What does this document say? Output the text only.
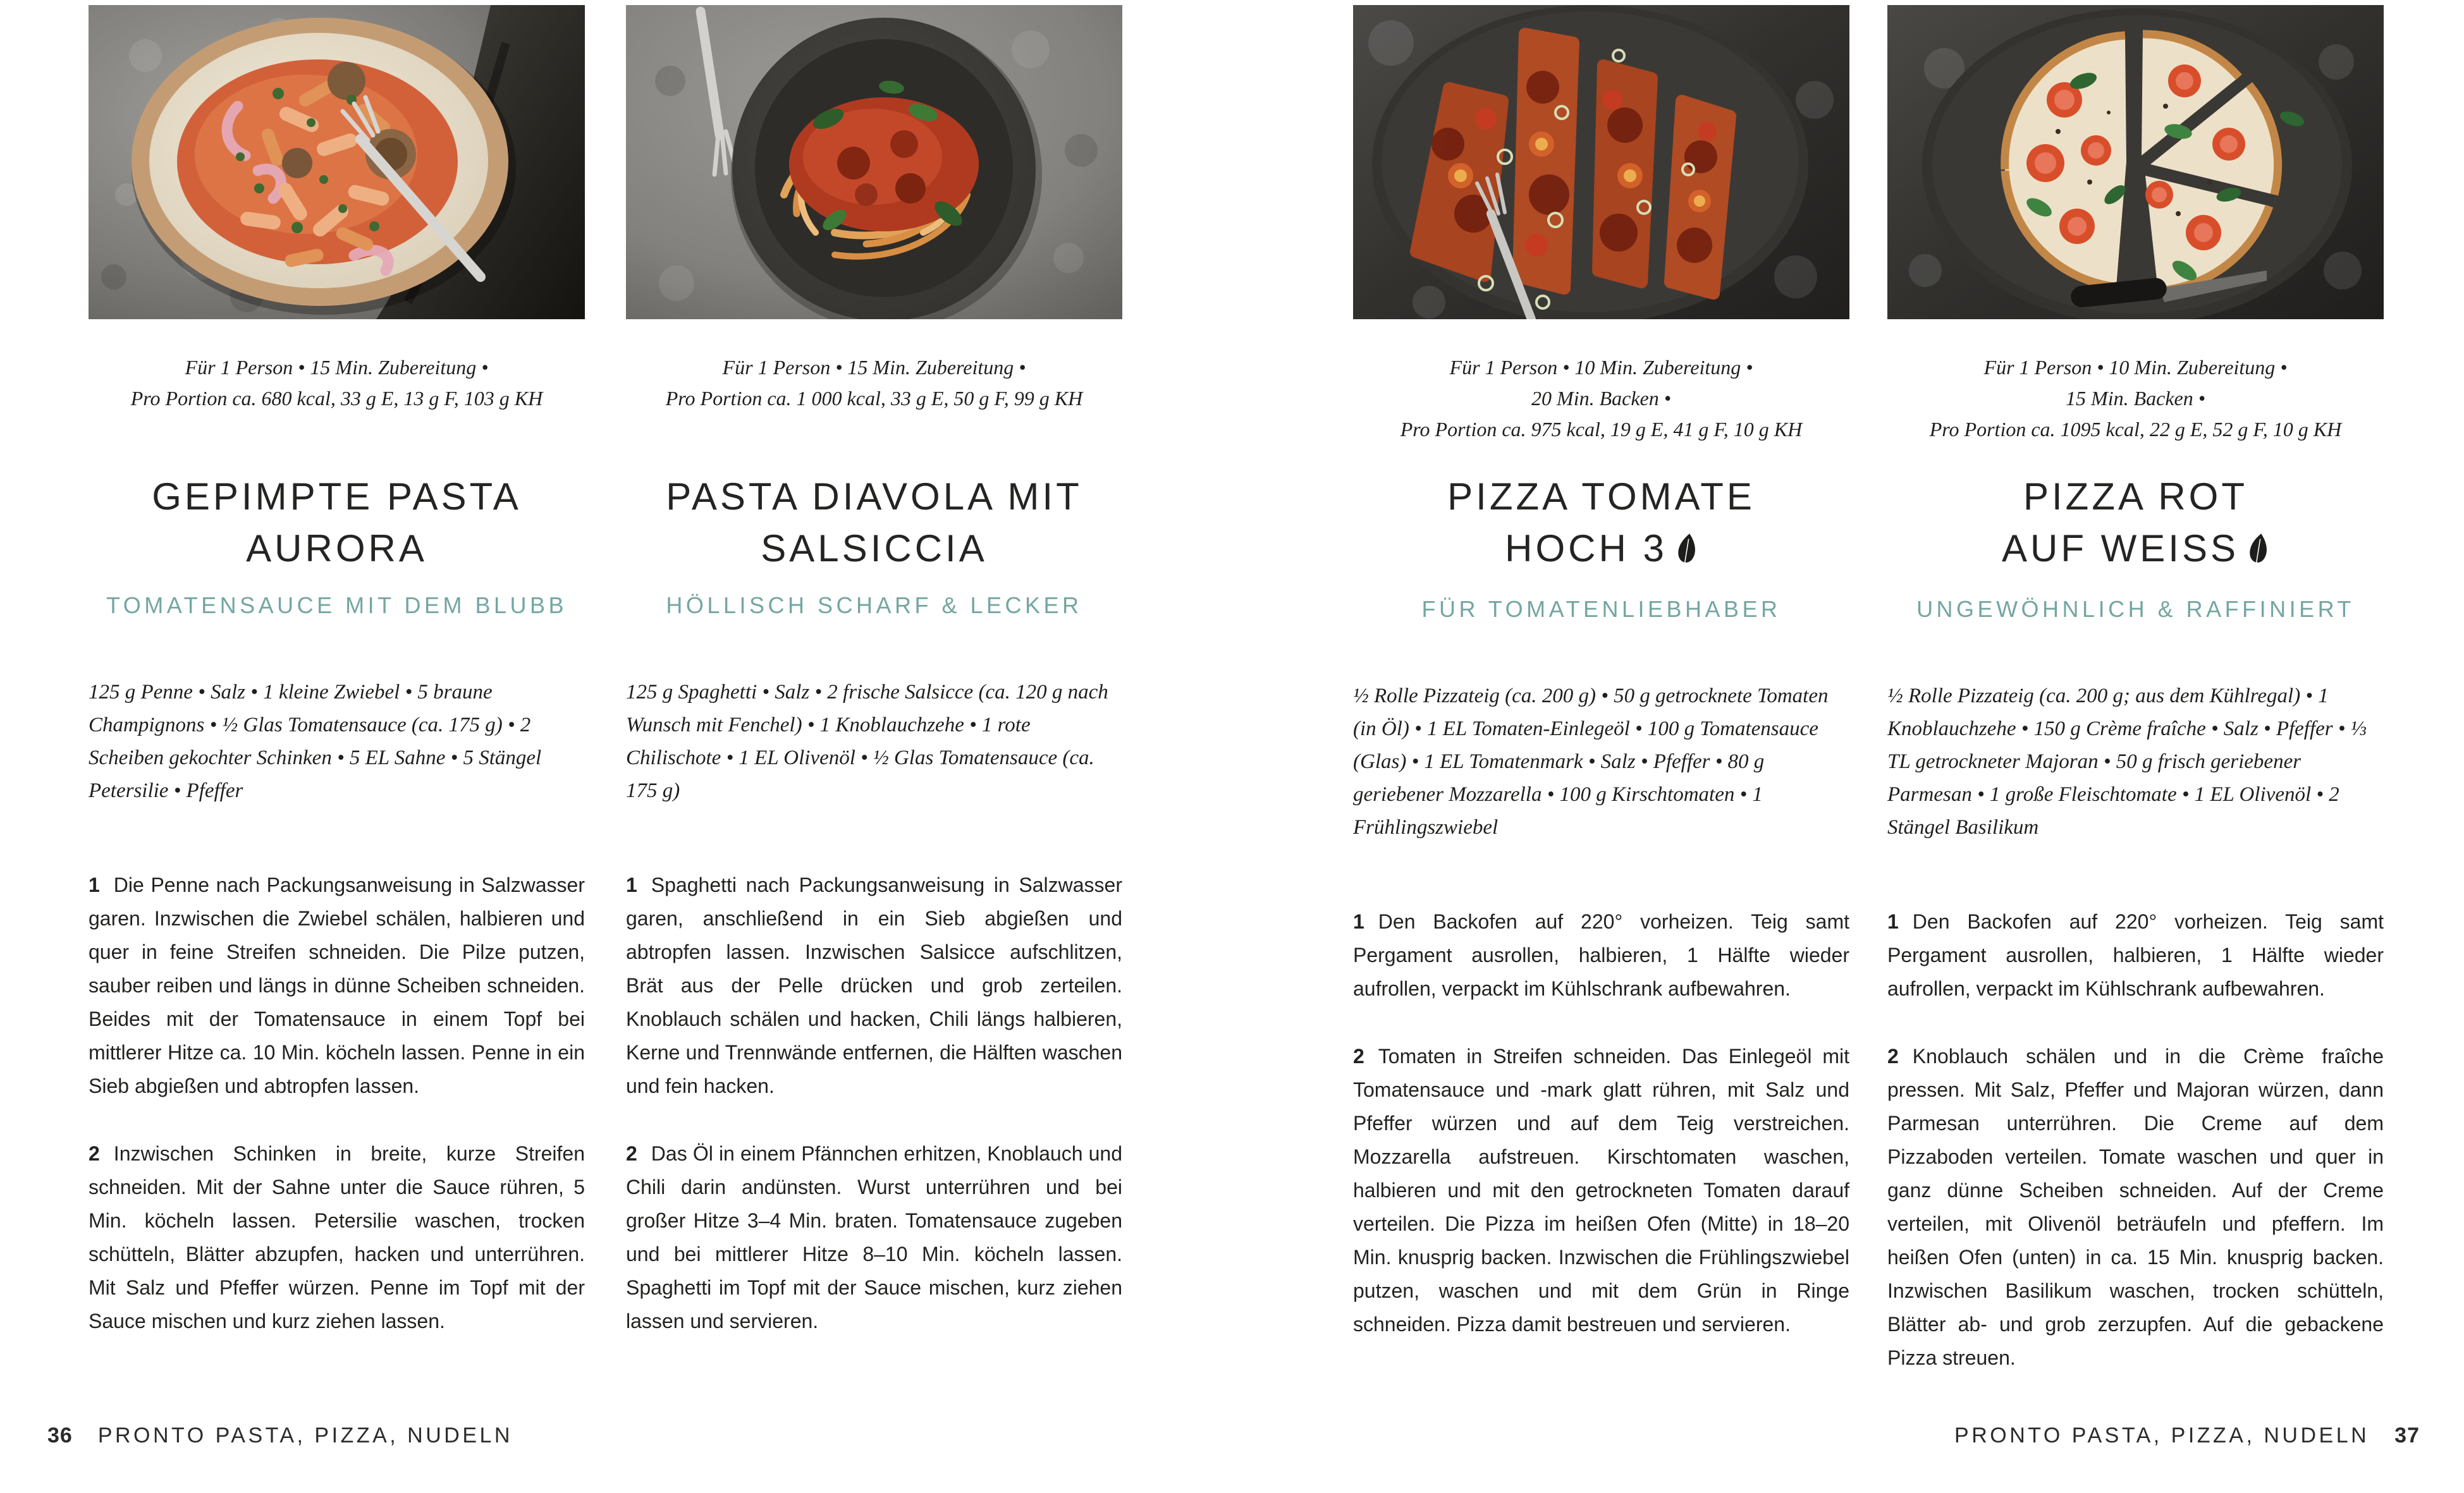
Für 1 Person • 15 Min. Zubereitung •
Pro Portion ca. 680 kcal, 33 g E, 13 g F, 103 g KH
GEPIMPTE PASTA
AURORA
TOMATENSAUCE MIT DEM BLUBB

125 g Penne • Salz • 1 kleine Zwiebel • 5 braune Champignons • ½ Glas Tomatensauce (ca. 175 g) • 2 Scheiben gekochter Schinken • 5 EL Sahne • 5 Stängel Petersilie • Pfeffer

1 Die Penne nach Packungsanweisung in Salzwasser garen. Inzwischen die Zwiebel schälen, halbieren und quer in feine Streifen schneiden. Die Pilze putzen, sauber reiben und längs in dünne Scheiben schneiden. Beides mit der Tomatensauce in einem Topf bei mittlerer Hitze ca. 10 Min. köcheln lassen. Penne in ein Sieb abgießen und abtropfen lassen.

2 Inzwischen Schinken in breite, kurze Streifen schneiden. Mit der Sahne unter die Sauce rühren, 5 Min. köcheln lassen. Petersilie waschen, trocken schütteln, Blätter abzupfen, hacken und unterrühren. Mit Salz und Pfeffer würzen. Penne im Topf mit der Sauce mischen und kurz ziehen lassen.

Für 1 Person • 15 Min. Zubereitung •
Pro Portion ca. 1 000 kcal, 33 g E, 50 g F, 99 g KH
PASTA DIAVOLA MIT
SALSICCIA
HÖLLISCH SCHARF & LECKER

125 g Spaghetti • Salz • 2 frische Salsicce (ca. 120 g nach Wunsch mit Fenchel) • 1 Knoblauchzehe • 1 rote Chilischote • 1 EL Olivenöl • ½ Glas Tomatensauce (ca. 175 g)

1 Spaghetti nach Packungsanweisung in Salzwasser garen, anschließend in ein Sieb abgießen und abtropfen lassen. Inzwischen Salsicce aufschlitzen, Brät aus der Pelle drücken und grob zerteilen. Knoblauch schälen und hacken, Chili längs halbieren, Kerne und Trennwände entfernen, die Hälften waschen und fein hacken.

2 Das Öl in einem Pfännchen erhitzen, Knoblauch und Chili darin andünsten. Wurst unterrühren und bei großer Hitze 3–4 Min. braten. Tomatensauce zugeben und bei mittlerer Hitze 8–10 Min. köcheln lassen. Spaghetti im Topf mit der Sauce mischen, kurz ziehen lassen und servieren.

Für 1 Person • 10 Min. Zubereitung •
20 Min. Backen •
Pro Portion ca. 975 kcal, 19 g E, 41 g F, 10 g KH
PIZZA TOMATE
HOCH 3
FÜR TOMATENLIEBHABER

½ Rolle Pizzateig (ca. 200 g) • 50 g getrocknete Tomaten (in Öl) • 1 EL Tomaten-Einlegeöl • 100 g Tomatensauce (Glas) • 1 EL Tomatenmark • Salz • Pfeffer • 80 g geriebener Mozzarella • 100 g Kirschtomaten • 1 Frühlingszwiebel

1 Den Backofen auf 220° vorheizen. Teig samt Pergament ausrollen, halbieren, 1 Hälfte wieder aufrollen, verpackt im Kühlschrank aufbewahren.

2 Tomaten in Streifen schneiden. Das Einlegeöl mit Tomatensauce und -mark glatt rühren, mit Salz und Pfeffer würzen und auf dem Teig verstreichen. Mozzarella aufstreuen. Kirschtomaten waschen, halbieren und mit den getrockneten Tomaten darauf verteilen. Die Pizza im heißen Ofen (Mitte) in 18–20 Min. knusprig backen. Inzwischen die Frühlingszwiebel putzen, waschen und mit dem Grün in Ringe schneiden. Pizza damit bestreuen und servieren.

Für 1 Person • 10 Min. Zubereitung •
15 Min. Backen •
Pro Portion ca. 1095 kcal, 22 g E, 52 g F, 10 g KH
PIZZA ROT
AUF WEISS
UNGEWÖHNLICH & RAFFINIERT

½ Rolle Pizzateig (ca. 200 g; aus dem Kühlregal) • 1 Knoblauchzehe • 150 g Crème fraîche • Salz • Pfeffer • ⅓ TL getrockneter Majoran • 50 g frisch geriebener Parmesan • 1 große Fleischtomate • 1 EL Olivenöl • 2 Stängel Basilikum

1 Den Backofen auf 220° vorheizen. Teig samt Pergament ausrollen, halbieren, 1 Hälfte wieder aufrollen, verpackt im Kühlschrank aufbewahren.

2 Knoblauch schälen und in die Crème fraîche pressen. Mit Salz, Pfeffer und Majoran würzen, dann Parmesan unterrühren. Die Creme auf dem Pizzaboden verteilen. Tomate waschen und quer in ganz dünne Scheiben schneiden. Auf der Creme verteilen, mit Olivenöl beträufeln und pfeffern. Im heißen Ofen (unten) in ca. 15 Min. knusprig backen. Inzwischen Basilikum waschen, trocken schütteln, Blätter ab- und grob zerzupfen. Auf die gebackene Pizza streuen.

36 PRONTO PASTA, PIZZA, NUDELN	PRONTO PASTA, PIZZA, NUDELN 37
